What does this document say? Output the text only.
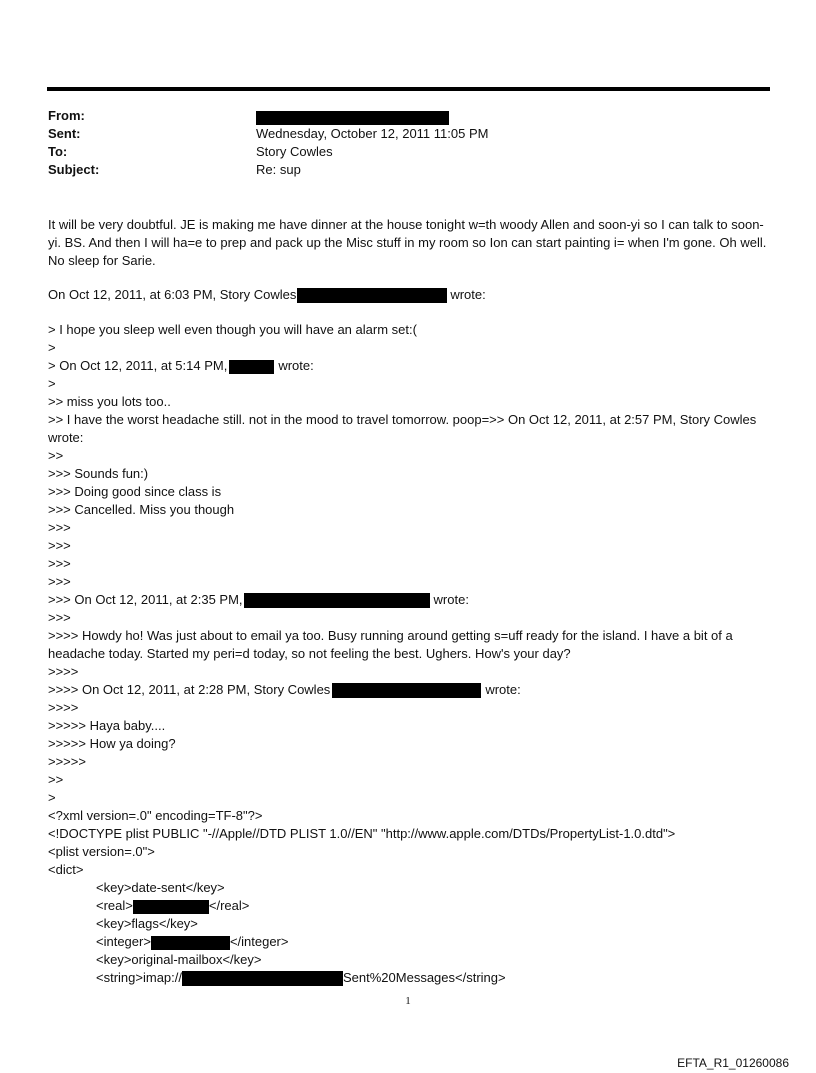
From:
Sent:	Wednesday, October 12, 2011 11:05 PM
To:	Story Cowles
Subject:	Re: sup

It will be very doubtful. JE is making me have dinner at the house tonight w=th woody Allen and soon-yi so I can talk to soon-yi. BS. And then I will ha=e to prep and pack up the Misc stuff in my room so Ion can start painting i= when I'm gone. Oh well. No sleep for Sarie.

On Oct 12, 2011, at 6:03 PM, Story Cowles	wrote:
> I hope you sleep well even though you will have an alarm set:(
>
> On Oct 12, 2011, at 5:14 PM,	wrote:
>
>> miss you lots too..

>> I have the worst headache still. not in the mood to travel tomorrow. poop=>> On Oct 12, 2011, at 2:57 PM, Story Cowles wrote:

>>
>>> Sounds fun:)
>>> Doing good since class is
>>> Cancelled. Miss you though
>>>
>>>
>>>
>>>
>>> On Oct 12, 2011, at 2:35 PM,	wrote:
>>>

>>>> Howdy ho! Was just about to email ya too. Busy running around getting s=uff ready for the island. I have a bit of a headache today. Started my peri=d today, so not feeling the best. Ughers. How's your day?

>>>>
>>>> On Oct 12, 2011, at 2:28 PM, Story Cowles	wrote:
>>>>
>>>>> Haya baby....
>>>>> How ya doing?
>>>>>
>>
>
<?xml version=.0" encoding=TF-8"?>
<!DOCTYPE plist PUBLIC "-//Apple//DTD PLIST 1.0//EN" "http://www.apple.com/DTDs/PropertyList-1.0.dtd">
<plist version=.0">
<dict>
<key>date-sent</key>
<real>	</real>
<key>flags</key>
<integer>	</integer>
<key>original-mailbox</key>
<string>imap://	Sent%20Messages</string>
1
EFTA_R1_01260086
